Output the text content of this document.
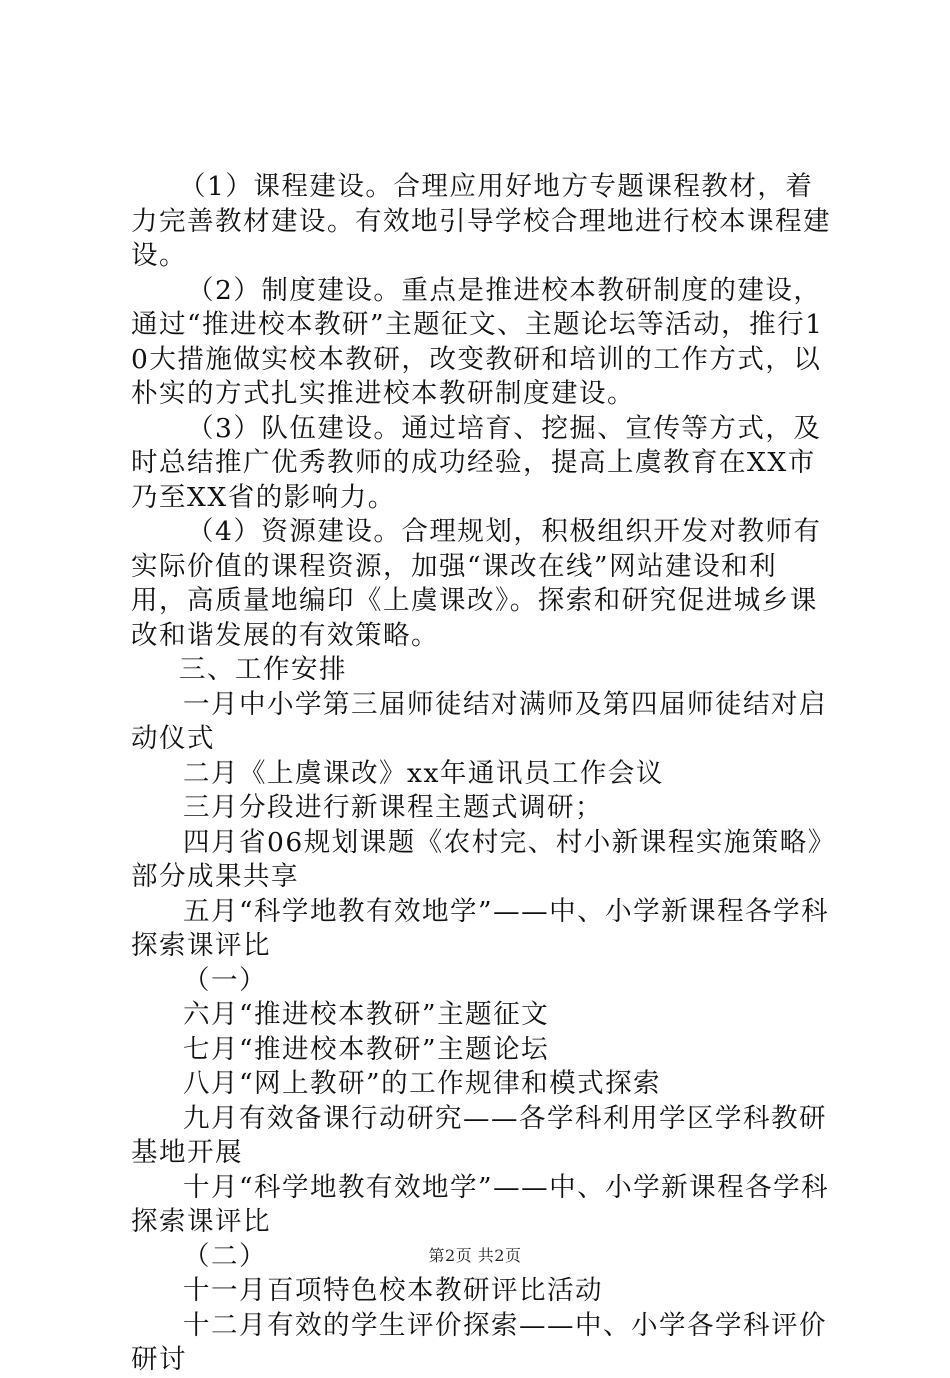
（1）课程建设。合理应用好地方专题课程教材，着力完善教材建设。有效地引导学校合理地进行校本课程建设。

（2）制度建设。重点是推进校本教研制度的建设，通过“推进校本教研”主题征文、主题论坛等活动，推行10大措施做实校本教研，改变教研和培训的工作方式，以朴实的方式扎实推进校本教研制度建设。

（3）队伍建设。通过培育、挖掘、宣传等方式，及时总结推广优秀教师的成功经验，提高上虞教育在XX市乃至XX省的影响力。

（4）资源建设。合理规划，积极组织开发对教师有实际价值的课程资源，加强“课改在线”网站建设和利用，高质量地编印《上虞课改》。探索和研究促进城乡课改和谐发展的有效策略。

三、工作安排

一月中小学第三届师徒结对满师及第四届师徒结对启动仪式

二月《上虞课改》xx年通讯员工作会议

三月分段进行新课程主题式调研；

四月省06规划课题《农村完、村小新课程实施策略》部分成果共享

五月“科学地教有效地学”——中、小学新课程各学科探索课评比

（一）

六月“推进校本教研”主题征文

七月“推进校本教研”主题论坛

八月“网上教研”的工作规律和模式探索

九月有效备课行动研究——各学科利用学区学科教研基地开展

十月“科学地教有效地学”——中、小学新课程各学科探索课评比

（二）

十一月百项特色校本教研评比活动

十二月有效的学生评价探索——中、小学各学科评价研讨

第2页 共2页
